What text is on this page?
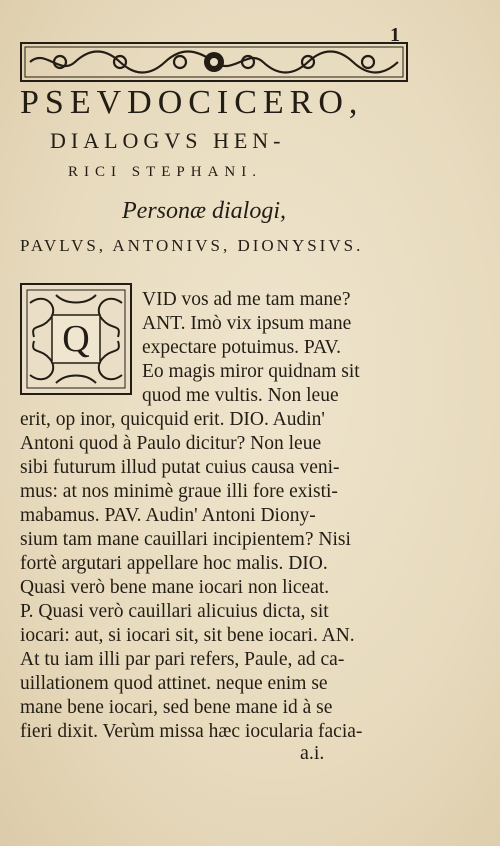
1
PSEVDOCICERO,
DIALOGVS HEN-
RICI STEPHANI.
Personæ dialogi,
PAVLVS, ANTONIVS, DIONYSIVS.
Q
VID vos ad me tam mane?
ANT. Imò vix ipsum mane
expectare potuimus. PAV.
Eo magis miror quidnam sit
quod me vultis. Non leue
erit, op inor, quicquid erit. DIO. Audin'
Antoni quod à Paulo dicitur? Non leue
sibi futurum illud putat cuius causa veni-
mus: at nos minimè graue illi fore existi-
mabamus. PAV. Audin' Antoni Diony-
sium tam mane cauillari incipientem? Nisi
fortè argutari appellare hoc malis. DIO.
Quasi verò bene mane iocari non liceat.
P. Quasi verò cauillari alicuius dicta, sit
iocari: aut, si iocari sit, sit bene iocari. AN.
At tu iam illi par pari refers, Paule, ad ca-
uillationem quod attinet. neque enim se
mane bene iocari, sed bene mane id à se
fieri dixit. Verùm missa hæc iocularia facia-
a.i.
